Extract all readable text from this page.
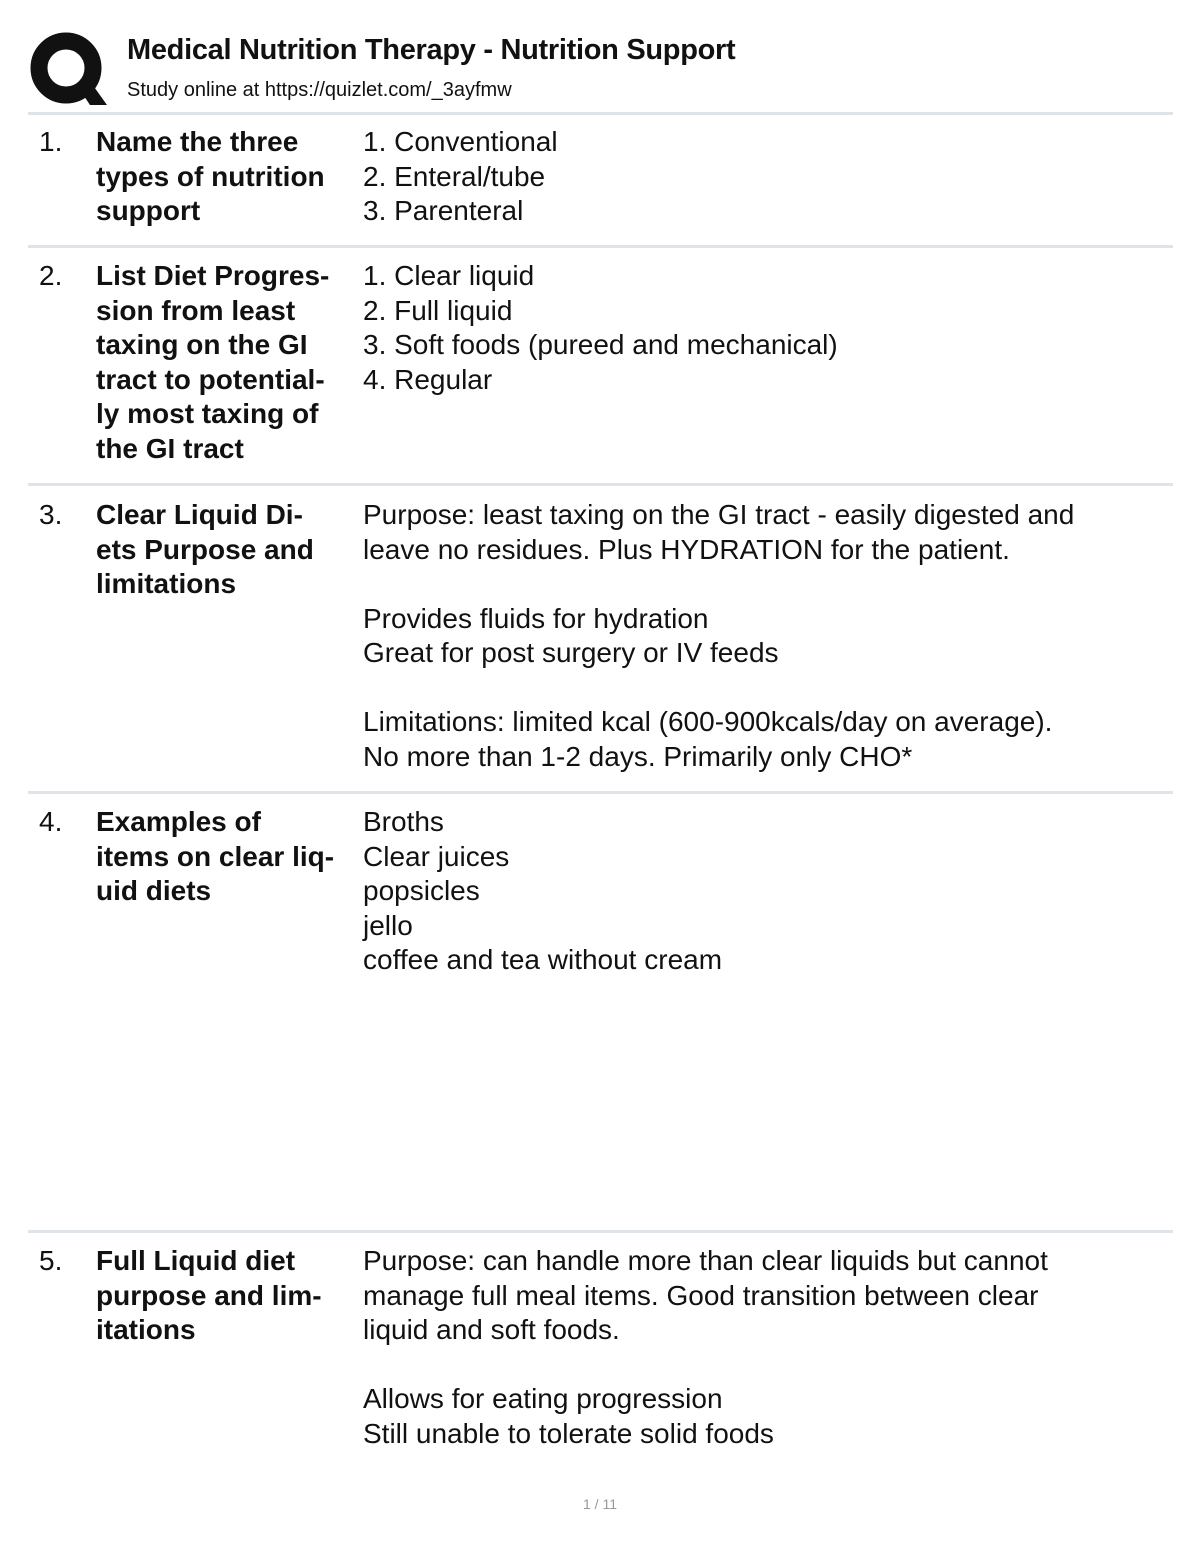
Medical Nutrition Therapy - Nutrition Support
Study online at https://quizlet.com/_3ayfmw
1. Name the three
types of nutrition
support
1. Conventional
2. Enteral/tube
3. Parenteral
2. List Diet Progres-
sion from least
taxing on the GI
tract to potential-
ly most taxing of
the GI tract
1. Clear liquid
2. Full liquid
3. Soft foods (pureed and mechanical)
4. Regular
3. Clear Liquid Di-
ets Purpose and
limitations
Purpose: least taxing on the GI tract - easily digested and
leave no residues. Plus HYDRATION for the patient.
Provides fluids for hydration
Great for post surgery or IV feeds
Limitations: limited kcal (600-900kcals/day on average).
No more than 1-2 days. Primarily only CHO*
4. Examples of
items on clear liq-
uid diets
Broths
Clear juices
popsicles
jello
coffee and tea without cream
5. Full Liquid diet
purpose and lim-
itations
Purpose: can handle more than clear liquids but cannot
manage full meal items. Good transition between clear
liquid and soft foods.
Allows for eating progression
Still unable to tolerate solid foods
1 / 11
